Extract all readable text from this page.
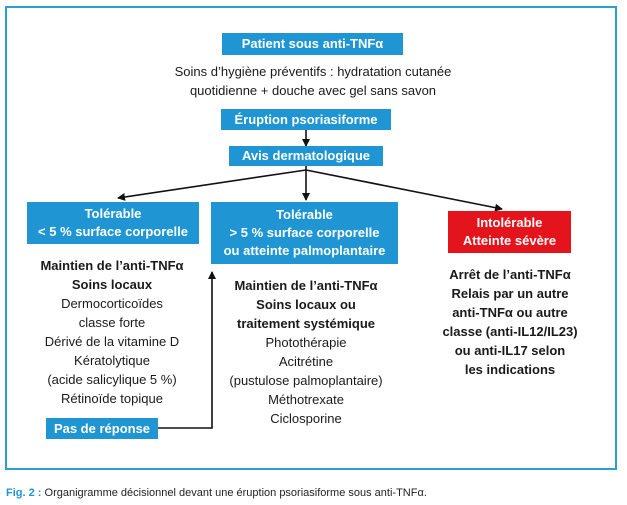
Patient sous anti-TNFα
Soins d’hygiène préventifs : hydratation cutanée
quotidienne + douche avec gel sans savon
Éruption psoriasiforme
Avis dermatologique
Tolérable
< 5 % surface corporelle
Tolérable
> 5 % surface corporelle
ou atteinte palmoplantaire
Intolérable
Atteinte sévère
Maintien de l’anti-TNFα
Soins locaux
Dermocorticoïdes
classe forte
Dérivé de la vitamine D
Kératolytique
(acide salicylique 5 %)
Rétinoïde topique
Maintien de l’anti-TNFα
Soins locaux ou
traitement systémique
Photothérapie
Acitrétine
(pustulose palmoplantaire)
Méthotrexate
Ciclosporine
Arrêt de l’anti-TNFα
Relais par un autre
anti-TNFα ou autre
classe (anti-IL12/IL23)
ou anti-IL17 selon
les indications
Pas de réponse
Fig. 2 : Organigramme décisionnel devant une éruption psoriasiforme sous anti-TNFα.
